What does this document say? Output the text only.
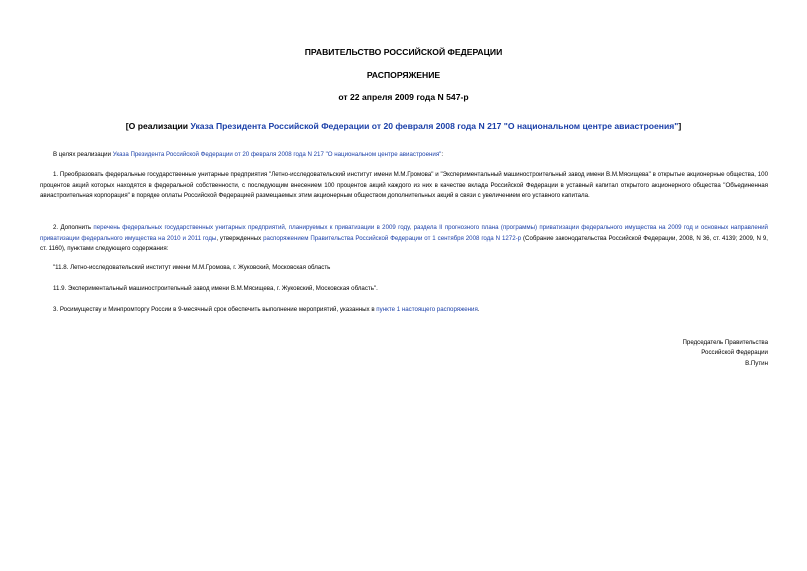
ПРАВИТЕЛЬСТВО РОССИЙСКОЙ ФЕДЕРАЦИИ
РАСПОРЯЖЕНИЕ
от 22 апреля 2009 года N 547-р
[О реализации Указа Президента Российской Федерации от 20 февраля 2008 года N 217 "О национальном центре авиастроения"]

В целях реализации Указа Президента Российской Федерации от 20 февраля 2008 года N 217 "О национальном центре авиастроения":

1. Преобразовать федеральные государственные унитарные предприятия "Летно-исследовательский институт имени М.М.Громова" и "Экспериментальный машиностроительный завод имени В.М.Мясищева" в открытые акционерные общества, 100 процентов акций которых находятся в федеральной собственности, с последующим внесением 100 процентов акций каждого из них в качестве вклада Российской Федерации в уставный капитал открытого акционерного общества "Объединенная авиастроительная корпорация" в порядке оплаты Российской Федерацией размещаемых этим акционерным обществом дополнительных акций в связи с увеличением его уставного капитала.

2. Дополнить перечень федеральных государственных унитарных предприятий, планируемых к приватизации в 2009 году, раздела II прогнозного плана (программы) приватизации федерального имущества на 2009 год и основных направлений приватизации федерального имущества на 2010 и 2011 годы, утвержденных распоряжением Правительства Российской Федерации от 1 сентября 2008 года N 1272-р (Собрание законодательства Российской Федерации, 2008, N 36, ст. 4139; 2009, N 9, ст. 1160), пунктами следующего содержания:

"11.8. Летно-исследовательский институт имени М.М.Громова, г. Жуковский, Московская область

11.9. Экспериментальный машиностроительный завод имени В.М.Мясищева, г. Жуковский, Московская область".

3. Росимуществу и Минпромторгу России в 9-месячный срок обеспечить выполнение мероприятий, указанных в пункте 1 настоящего распоряжения.

Председатель Правительства
Российской Федерации
В.Путин
